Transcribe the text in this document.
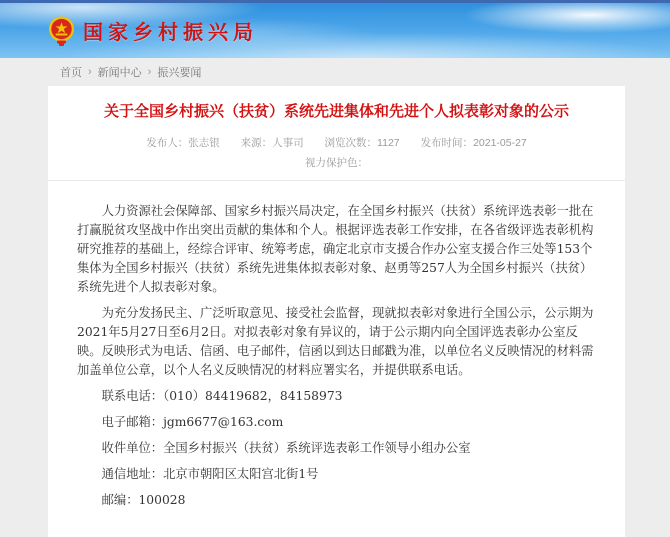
国家乡村振兴局
首页 › 新闻中心 › 振兴要闻
关于全国乡村振兴（扶贫）系统先进集体和先进个人拟表彰对象的公示
发布人：张志银 来源：人事司 浏览次数：1127 发布时间：2021-05-27
视力保护色：

人力资源社会保障部、国家乡村振兴局决定，在全国乡村振兴（扶贫）系统评选表彰一批在打赢脱贫攻坚战中作出突出贡献的集体和个人。根据评选表彰工作安排，在各省级评选表彰机构研究推荐的基础上，经综合评审、统筹考虑，确定北京市支援合作办公室支援合作三处等153个集体为全国乡村振兴（扶贫）系统先进集体拟表彰对象、赵勇等257人为全国乡村振兴（扶贫）系统先进个人拟表彰对象。

为充分发扬民主、广泛听取意见、接受社会监督，现就拟表彰对象进行全国公示，公示期为2021年5月27日至6月2日。对拟表彰对象有异议的，请于公示期内向全国评选表彰办公室反映。反映形式为电话、信函、电子邮件，信函以到达日邮戳为准，以单位名义反映情况的材料需加盖单位公章，以个人名义反映情况的材料应署实名，并提供联系电话。

联系电话：（010）84419682，84158973

电子邮箱：jgm6677@163.com

收件单位：全国乡村振兴（扶贫）系统评选表彰工作领导小组办公室

通信地址：北京市朝阳区太阳宫北街1号

邮编：100028
